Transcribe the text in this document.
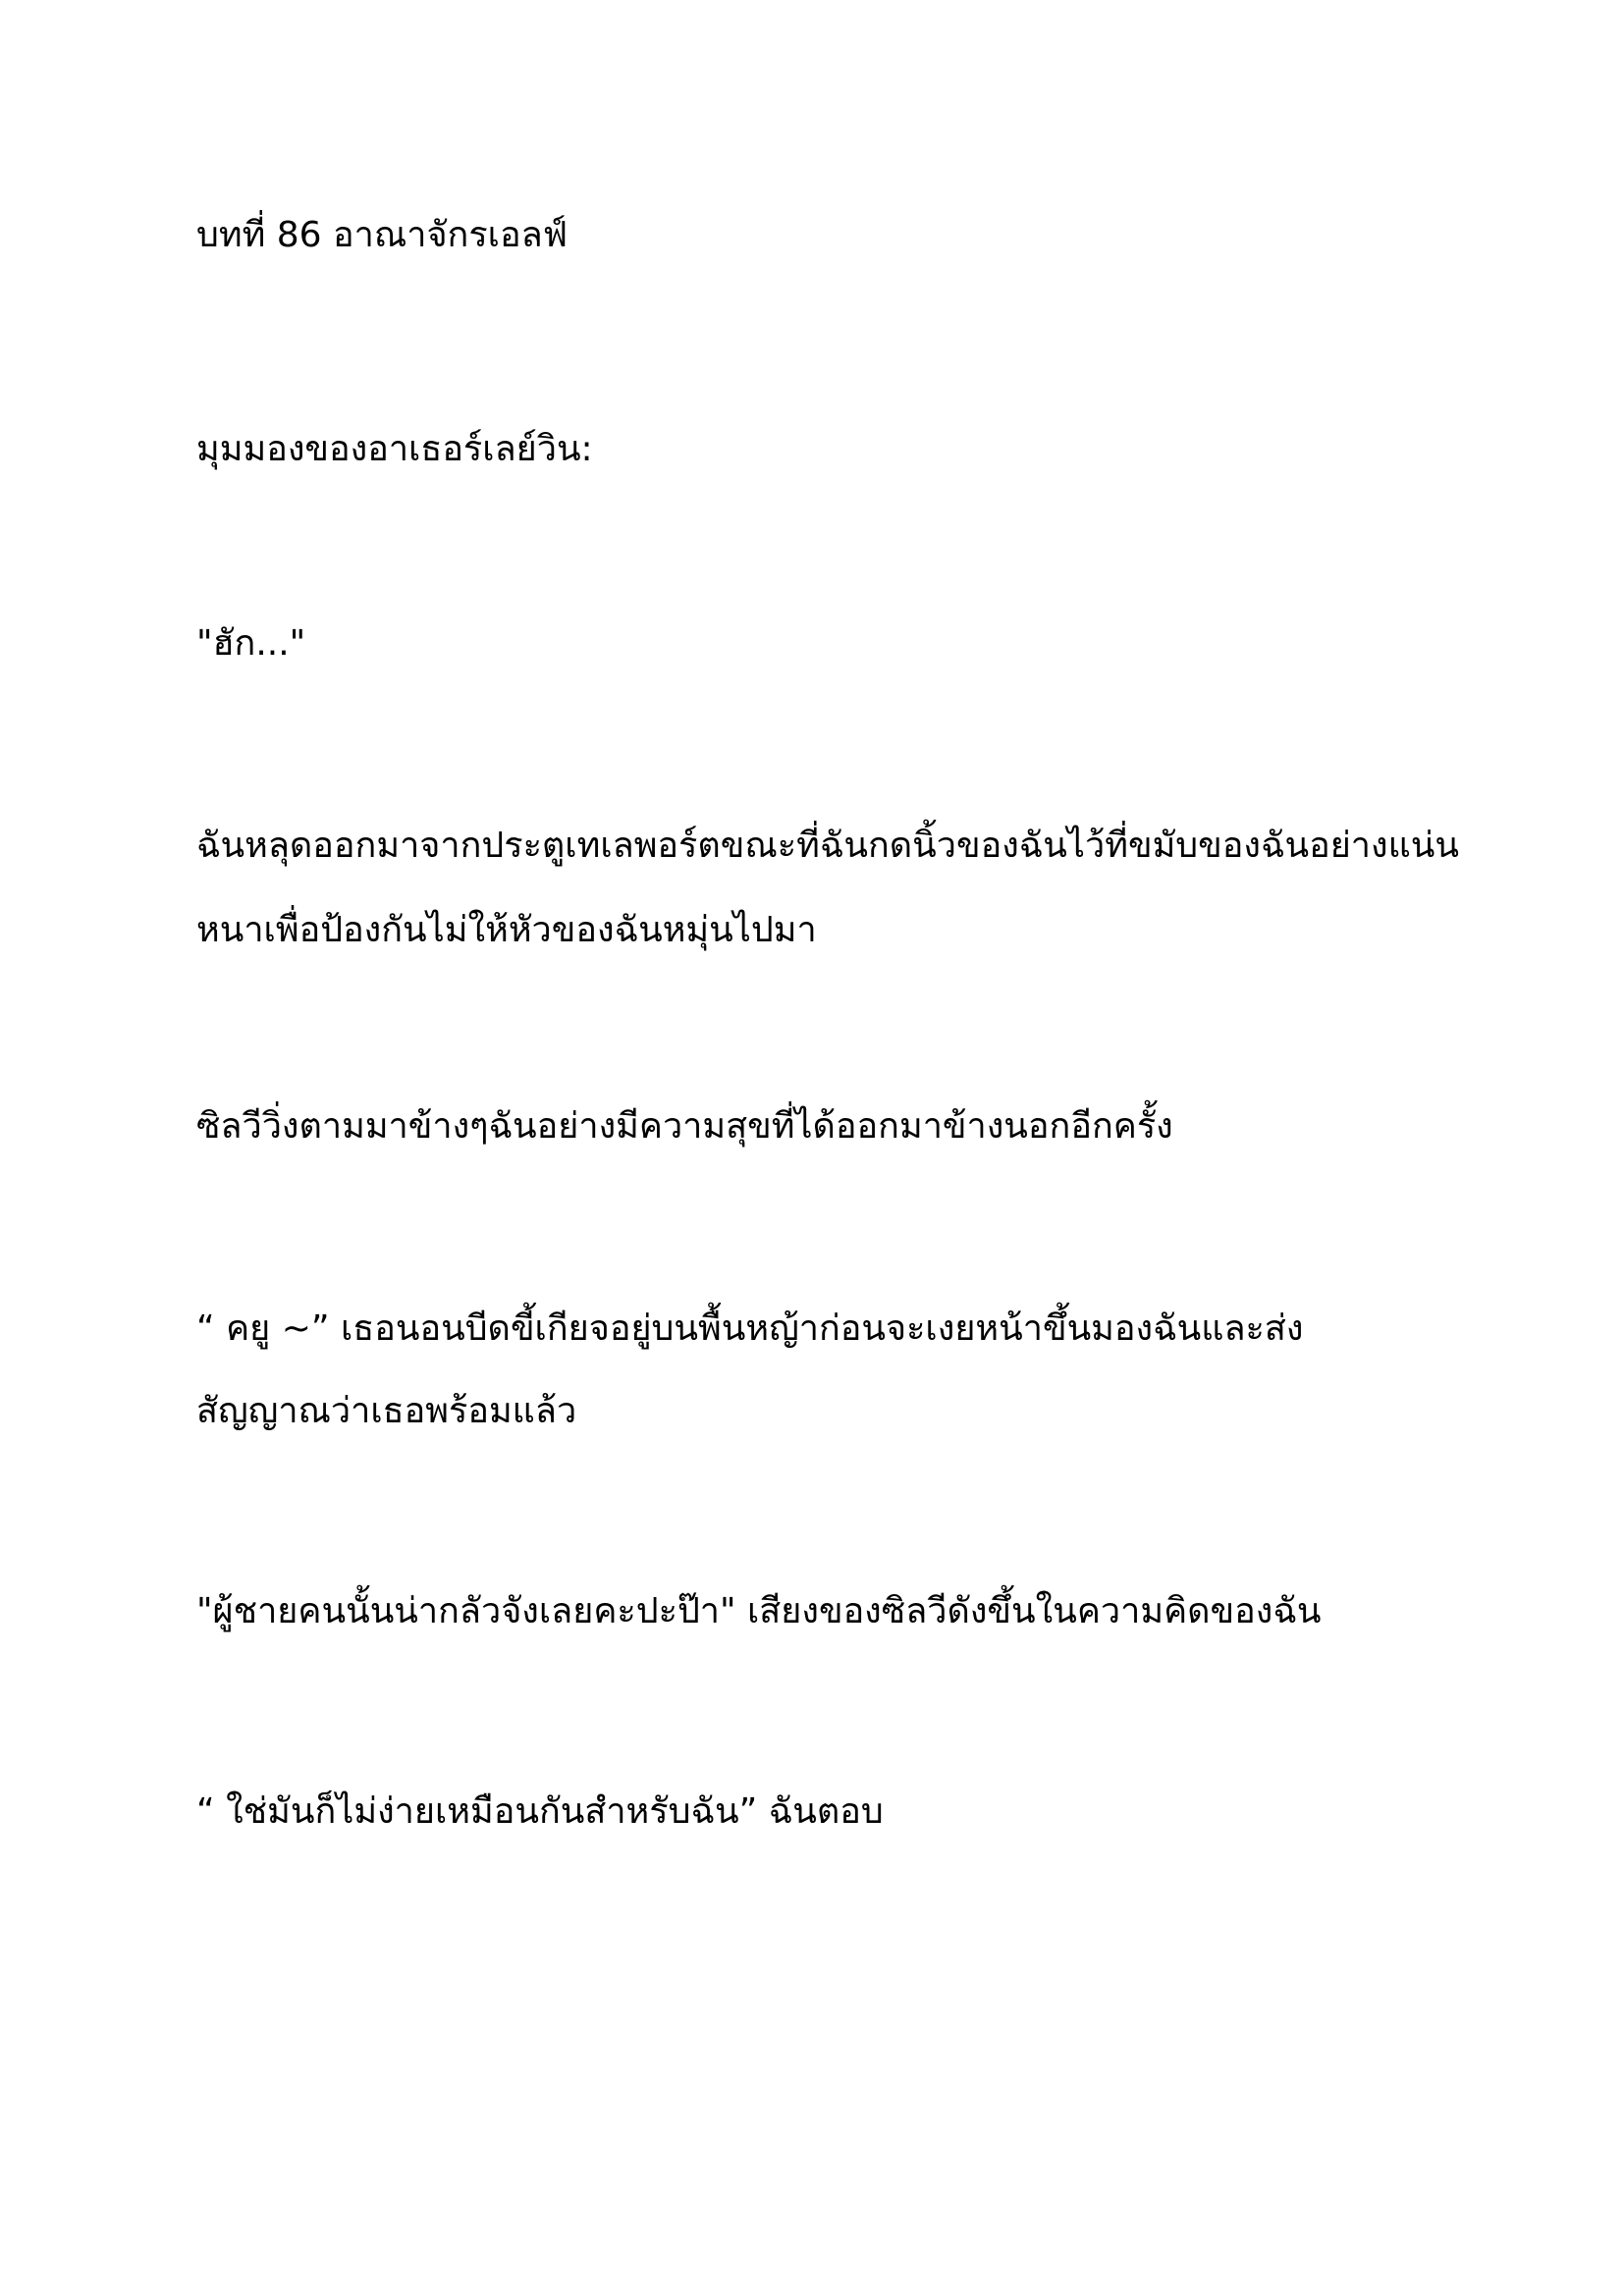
บทที่ 86 อาณาจักรเอลฟ์

มุมมองของอาเธอร์เลย์วิน:

"ฮัก..."

ฉันหลุดออกมาจากประตูเทเลพอร์ตขณะที่ฉันกดนิ้วของฉันไว้ที่ขมับของฉันอย่างแน่น

หนาเพื่อป้องกันไม่ให้หัวของฉันหมุ่นไปมา

ซิลวีวิ่งตามมาข้างๆฉันอย่างมีความสุขที่ได้ออกมาข้างนอกอีกครั้ง

“ คยู ~” เธอนอนบีดขี้เกียจอยู่บนพื้นหญ้าก่อนจะเงยหน้าขึ้นมองฉันและส่ง

สัญญาณว่าเธอพร้อมแล้ว

"ผู้ชายคนนั้นน่ากลัวจังเลยคะปะป๊า" เสียงของซิลวีดังขึ้นในความคิดของฉัน

“ ใช่มันก็ไม่ง่ายเหมือนกันสำหรับฉัน” ฉันตอบ
